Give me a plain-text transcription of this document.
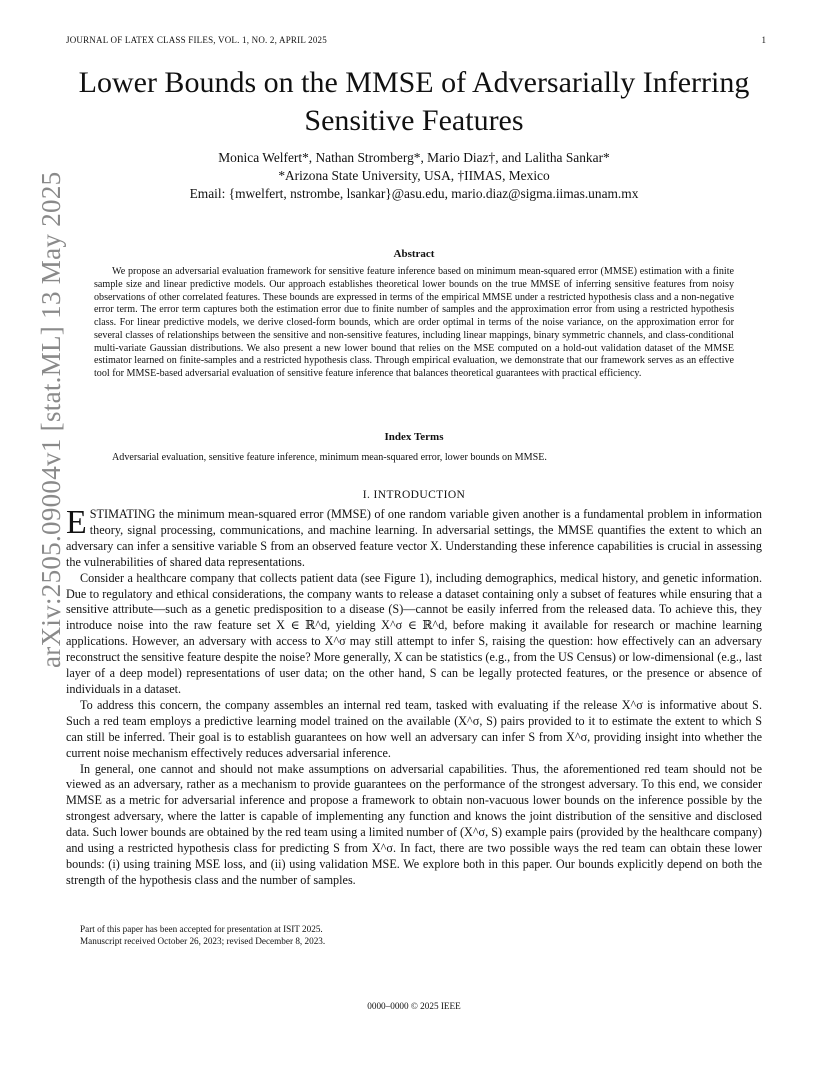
JOURNAL OF LATEX CLASS FILES, VOL. 1, NO. 2, APRIL 2025	1
arXiv:2505.09004v1 [stat.ML] 13 May 2025
Lower Bounds on the MMSE of Adversarially Inferring Sensitive Features
Monica Welfert*, Nathan Stromberg*, Mario Diaz†, and Lalitha Sankar*
*Arizona State University, USA, †IIMAS, Mexico
Email: {mwelfert, nstrombe, lsankar}@asu.edu, mario.diaz@sigma.iimas.unam.mx
Abstract

We propose an adversarial evaluation framework for sensitive feature inference based on minimum mean-squared error (MMSE) estimation with a finite sample size and linear predictive models. Our approach establishes theoretical lower bounds on the true MMSE of inferring sensitive features from noisy observations of other correlated features. These bounds are expressed in terms of the empirical MMSE under a restricted hypothesis class and a non-negative error term. The error term captures both the estimation error due to finite number of samples and the approximation error from using a restricted hypothesis class. For linear predictive models, we derive closed-form bounds, which are order optimal in terms of the noise variance, on the approximation error for several classes of relationships between the sensitive and non-sensitive features, including linear mappings, binary symmetric channels, and class-conditional multi-variate Gaussian distributions. We also present a new lower bound that relies on the MSE computed on a hold-out validation dataset of the MMSE estimator learned on finite-samples and a restricted hypothesis class. Through empirical evaluation, we demonstrate that our framework serves as an effective tool for MMSE-based adversarial evaluation of sensitive feature inference that balances theoretical guarantees with practical efficiency.

Index Terms
Adversarial evaluation, sensitive feature inference, minimum mean-squared error, lower bounds on MMSE.
I. INTRODUCTION

ESTIMATING the minimum mean-squared error (MMSE) of one random variable given another is a fundamental problem in information theory, signal processing, communications, and machine learning. In adversarial settings, the MMSE quantifies the extent to which an adversary can infer a sensitive variable S from an observed feature vector X. Understanding these inference capabilities is crucial in assessing the vulnerabilities of shared data representations.

Consider a healthcare company that collects patient data (see Figure 1), including demographics, medical history, and genetic information. Due to regulatory and ethical considerations, the company wants to release a dataset containing only a subset of features while ensuring that a sensitive attribute—such as a genetic predisposition to a disease (S)—cannot be easily inferred from the released data. To achieve this, they introduce noise into the raw feature set X ∈ ℝ^d, yielding X^σ ∈ ℝ^d, before making it available for research or machine learning applications. However, an adversary with access to X^σ may still attempt to infer S, raising the question: how effectively can an adversary reconstruct the sensitive feature despite the noise? More generally, X can be statistics (e.g., from the US Census) or low-dimensional (e.g., last layer of a deep model) representations of user data; on the other hand, S can be legally protected features, or the presence or absence of individuals in a dataset.

To address this concern, the company assembles an internal red team, tasked with evaluating if the release X^σ is informative about S. Such a red team employs a predictive learning model trained on the available (X^σ, S) pairs provided to it to estimate the extent to which S can still be inferred. Their goal is to establish guarantees on how well an adversary can infer S from X^σ, providing insight into whether the current noise mechanism effectively reduces adversarial inference.

In general, one cannot and should not make assumptions on adversarial capabilities. Thus, the aforementioned red team should not be viewed as an adversary, rather as a mechanism to provide guarantees on the performance of the strongest adversary. To this end, we consider MMSE as a metric for adversarial inference and propose a framework to obtain non-vacuous lower bounds on the inference possible by the strongest adversary, where the latter is capable of implementing any function and knows the joint distribution of the sensitive and disclosed data. Such lower bounds are obtained by the red team using a limited number of (X^σ, S) example pairs (provided by the healthcare company) and using a restricted hypothesis class for predicting S from X^σ. In fact, there are two possible ways the red team can obtain these lower bounds: (i) using training MSE loss, and (ii) using validation MSE. We explore both in this paper. Our bounds explicitly depend on both the strength of the hypothesis class and the number of samples.

Part of this paper has been accepted for presentation at ISIT 2025.
Manuscript received October 26, 2023; revised December 8, 2023.
0000–0000 © 2025 IEEE
